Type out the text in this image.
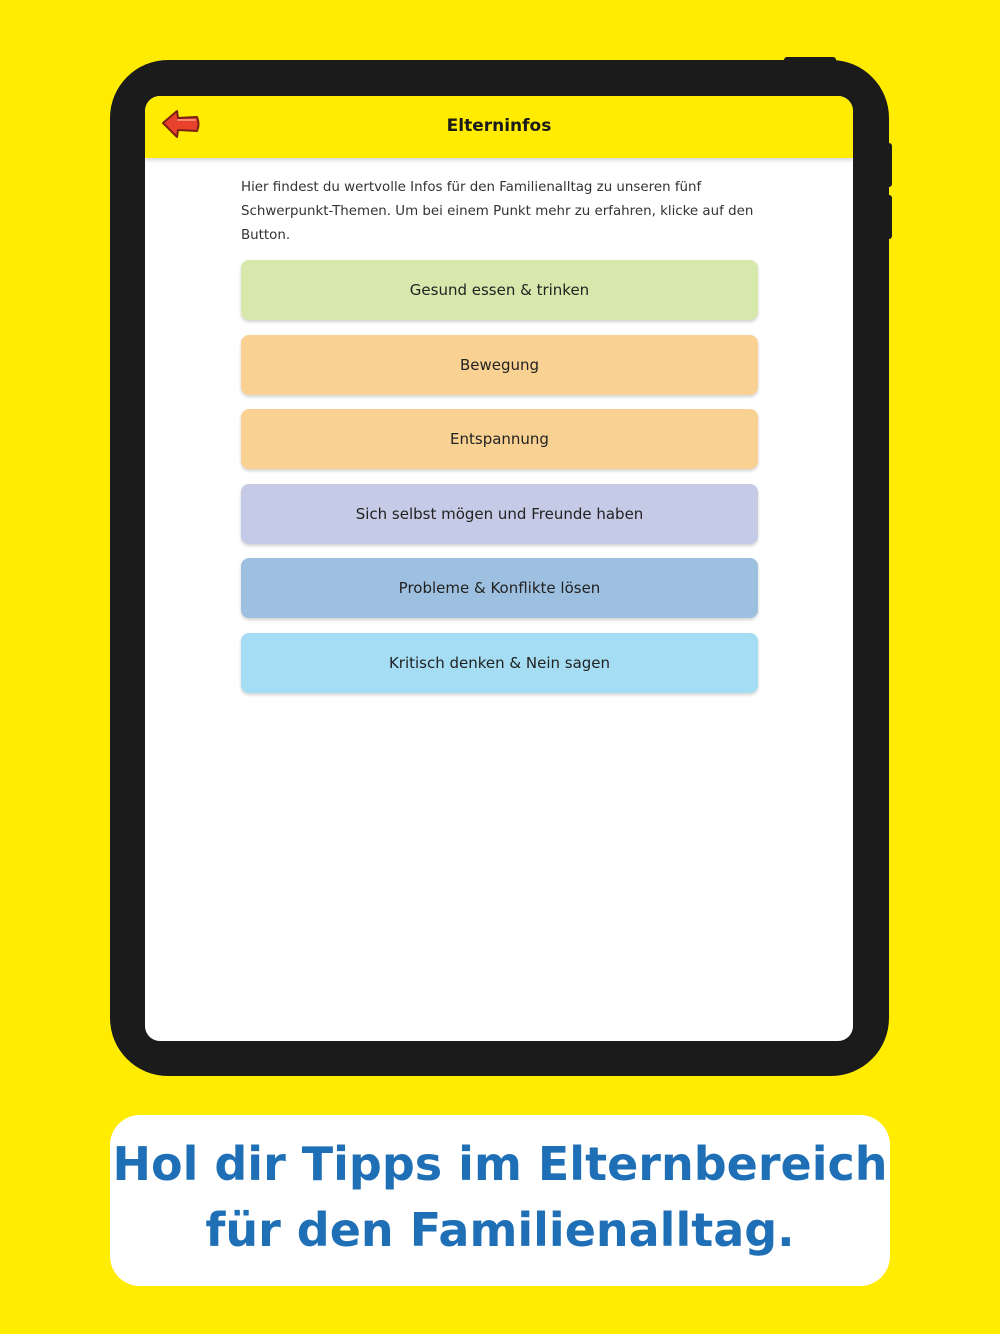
Elterninfos
Hier findest du wertvolle Infos für den Familienalltag zu unseren fünf Schwerpunkt-Themen. Um bei einem Punkt mehr zu erfahren, klicke auf den Button.
Gesund essen & trinken
Bewegung
Entspannung
Sich selbst mögen und Freunde haben
Probleme & Konflikte lösen
Kritisch denken & Nein sagen
Hol dir Tipps im Elternbereich
für den Familienalltag.
